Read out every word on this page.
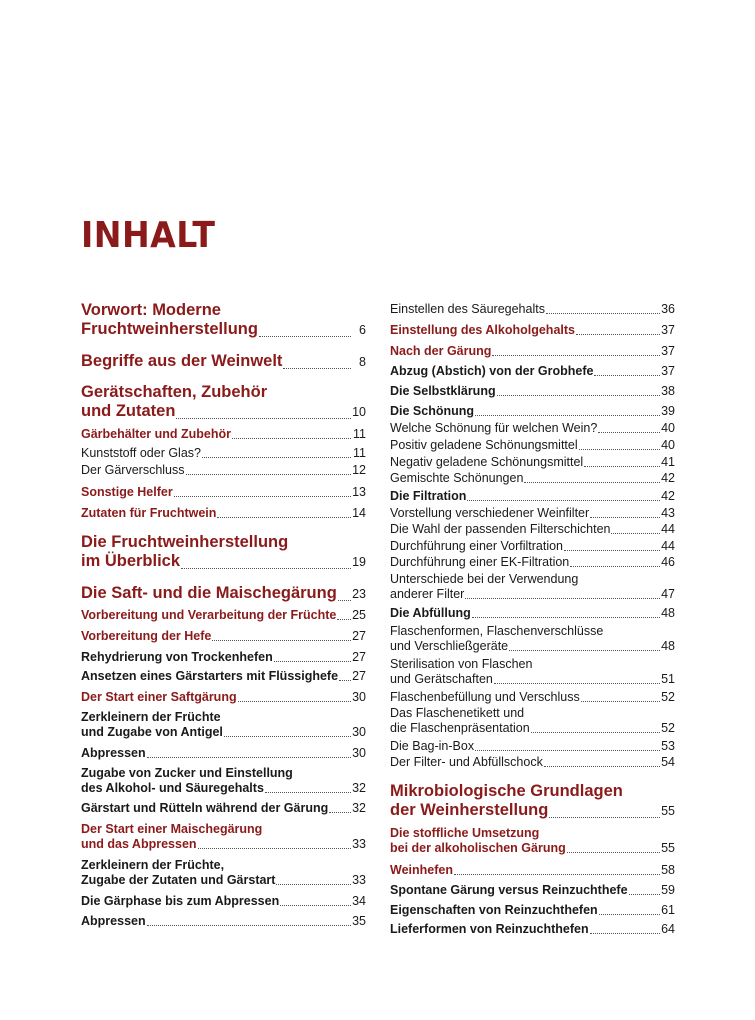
INHALT
Vorwort: Moderne
Fruchtweinherstellung	6
Begriffe aus der Weinwelt	8
Gerätschaften, Zubehör
und Zutaten	10
Gärbehälter und Zubehör	11
Kunststoff oder Glas?	11
Der Gärverschluss	12
Sonstige Helfer	13
Zutaten für Fruchtwein	14
Die Fruchtweinherstellung
im Überblick	19
Die Saft- und die Maischegärung 23
Vorbereitung und Verarbeitung der Früchte 25
Vorbereitung der Hefe	27
Rehydrierung von Trockenhefen	27
Ansetzen eines Gärstarters mit Flüssighefe 27
Der Start einer Saftgärung	30
Zerkleinern der Früchte
und Zugabe von Antigel	30
Abpressen	30
Zugabe von Zucker und Einstellung
des Alkohol- und Säuregehalts	32
Gärstart und Rütteln während der Gärung 32
Der Start einer Maischegärung
und das Abpressen	33
Zerkleinern der Früchte,
Zugabe der Zutaten und Gärstart	33
Die Gärphase bis zum Abpressen	34
Abpressen	35
Einstellen des Säuregehalts	36
Einstellung des Alkoholgehalts	37
Nach der Gärung	37
Abzug (Abstich) von der Grobhefe	37
Die Selbstklärung	38
Die Schönung	39
Welche Schönung für welchen Wein?	40
Positiv geladene Schönungsmittel	40
Negativ geladene Schönungsmittel	41
Gemischte Schönungen	42
Die Filtration	42
Vorstellung verschiedener Weinfilter	43
Die Wahl der passenden Filterschichten	44
Durchführung einer Vorfiltration	44
Durchführung einer EK-Filtration	46
Unterschiede bei der Verwendung
anderer Filter	47
Die Abfüllung	48
Flaschenformen, Flaschenverschlüsse
und Verschließgeräte	48
Sterilisation von Flaschen
und Gerätschaften	51
Flaschenbefüllung und Verschluss	52
Das Flaschenetikett und
die Flaschenpräsentation	52
Die Bag-in-Box	53
Der Filter- und Abfüllschock	54
Mikrobiologische Grundlagen
der Weinherstellung	55
Die stoffliche Umsetzung
bei der alkoholischen Gärung	55
Weinhefen	58
Spontane Gärung versus Reinzuchthefe	59
Eigenschaften von Reinzuchthefen	61
Lieferformen von Reinzuchthefen	64
